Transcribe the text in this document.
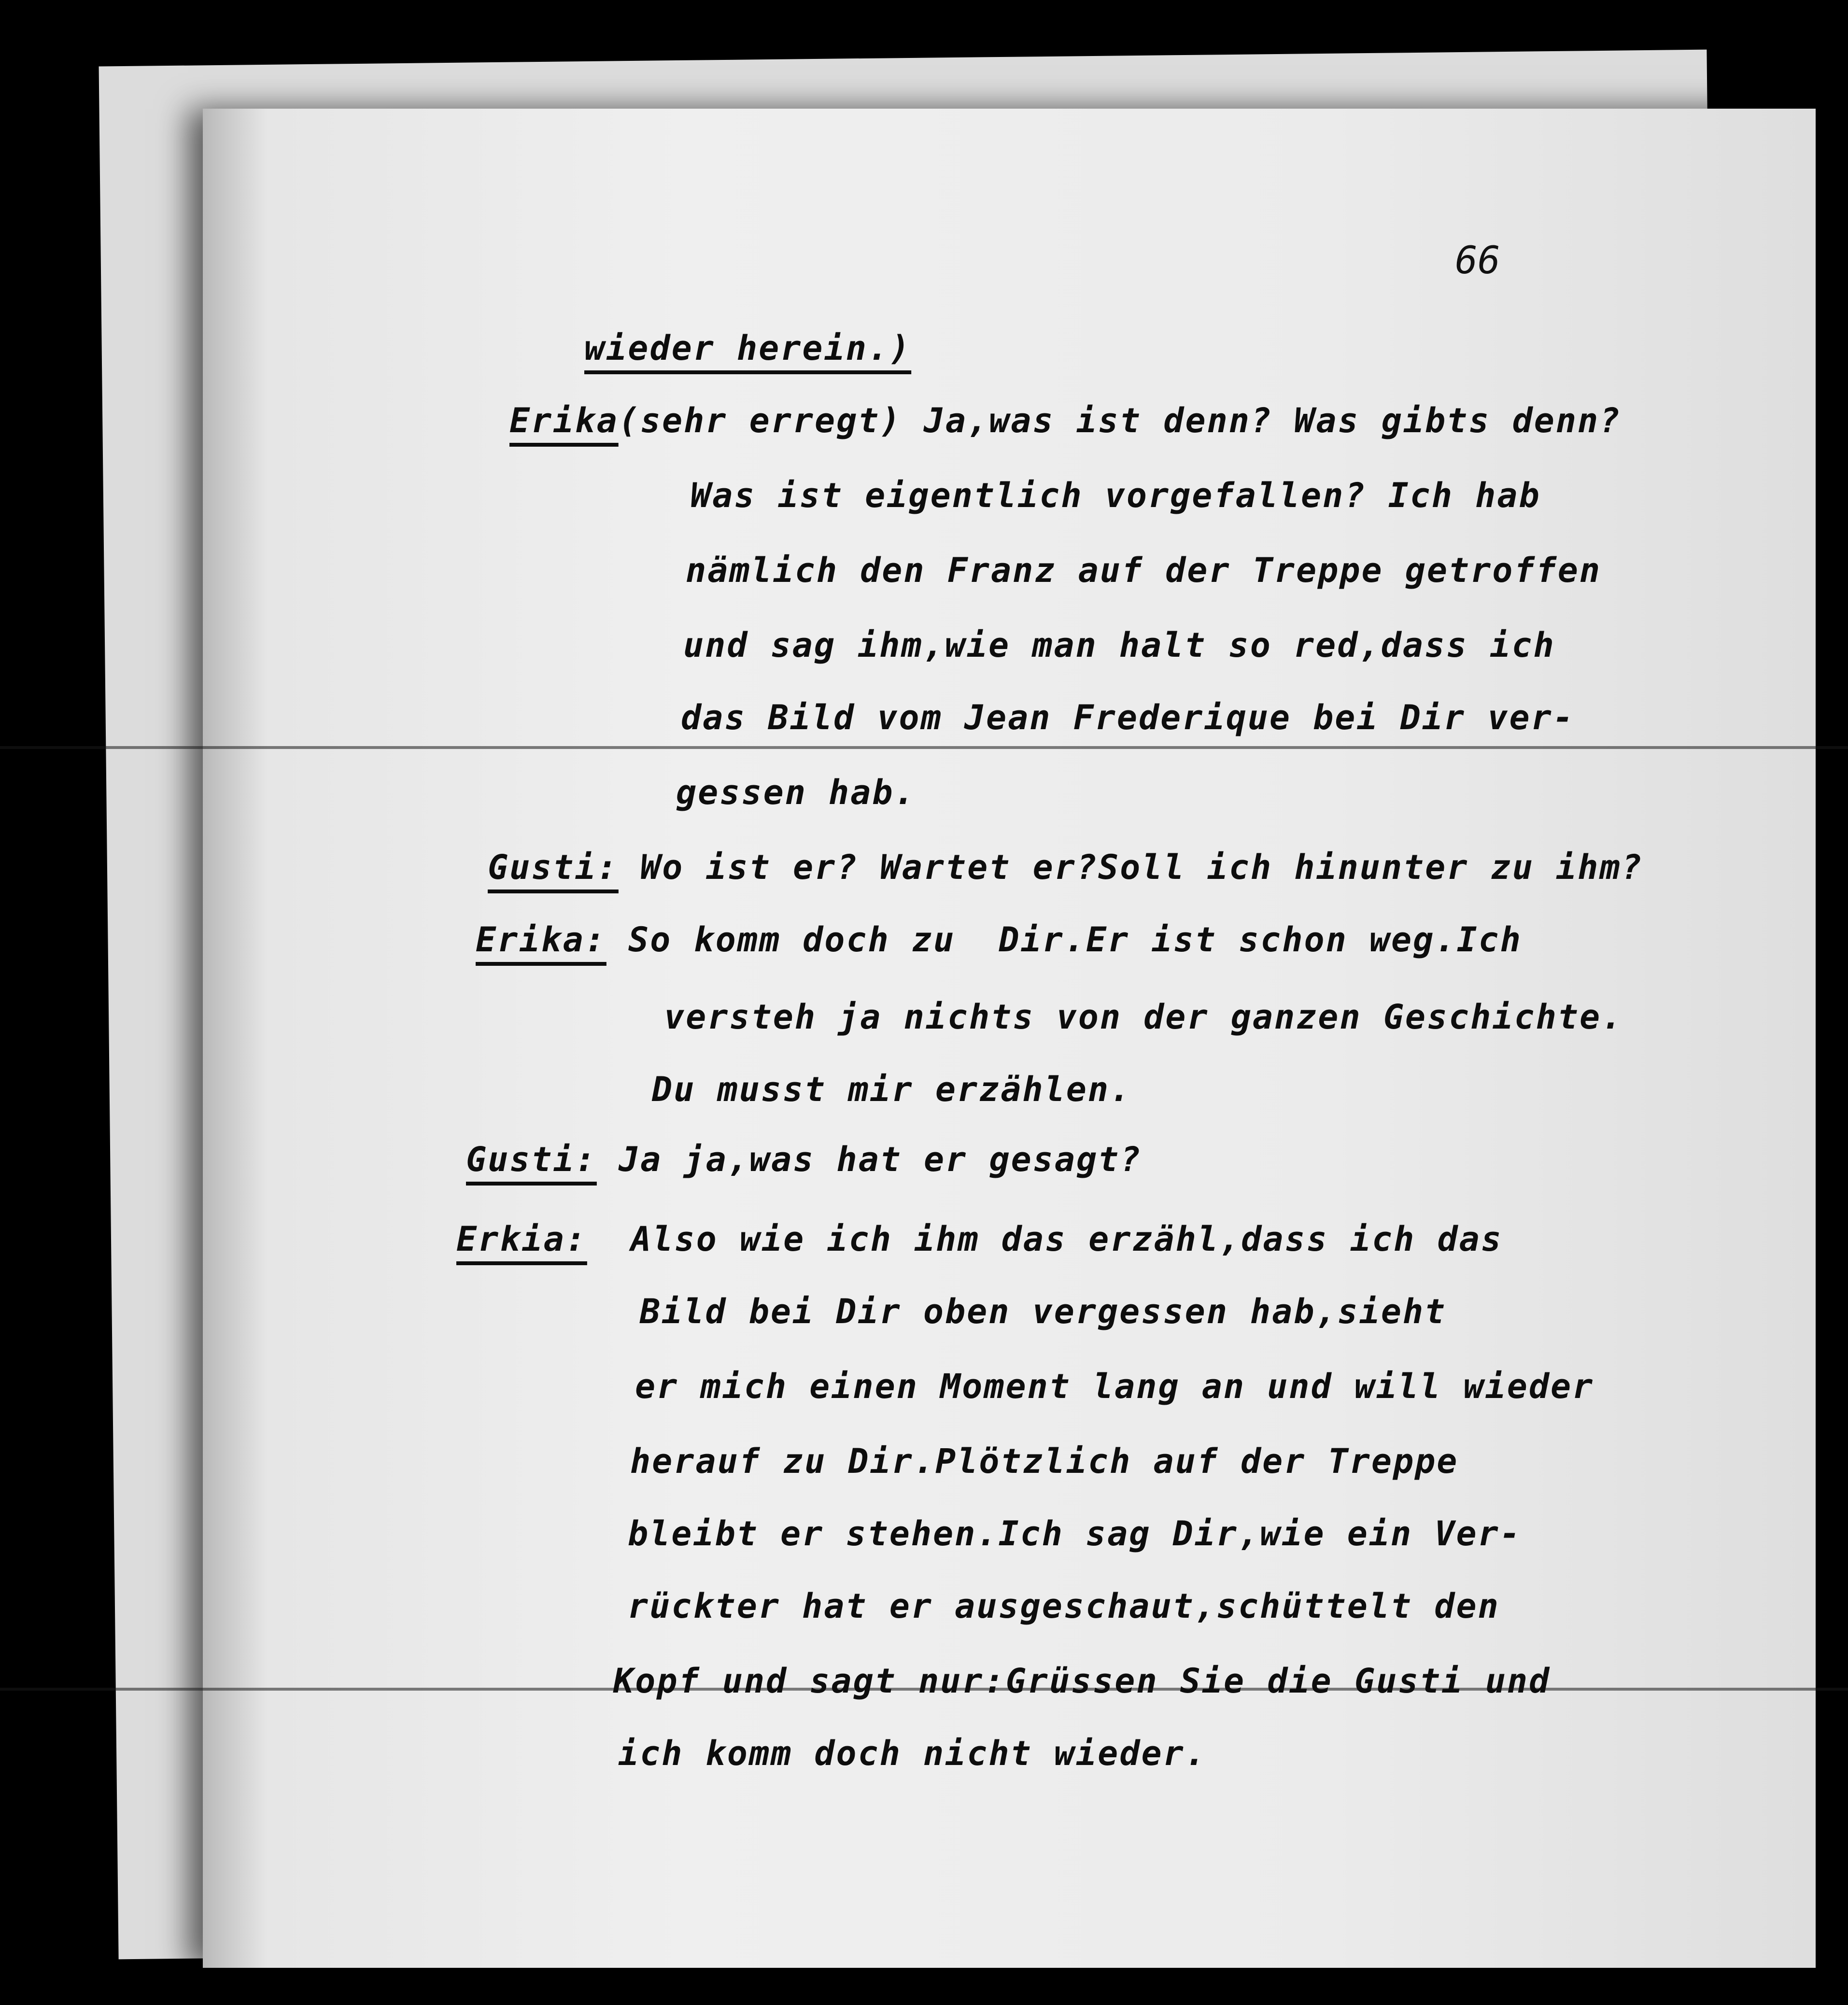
66
wieder herein.)
Erika(sehr erregt) Ja,was ist denn? Was gibts denn?
Was ist eigentlich vorgefallen? Ich hab
nämlich den Franz auf der Treppe getroffen
und sag ihm,wie man halt so red,dass ich
das Bild vom Jean Frederique bei Dir ver-
gessen hab.
Gusti: Wo ist er? Wartet er?Soll ich hinunter zu ihm?
Erika: So komm doch zu  Dir.Er ist schon weg.Ich
versteh ja nichts von der ganzen Geschichte.
Du musst mir erzählen.
Gusti: Ja ja,was hat er gesagt?
Erkia:  Also wie ich ihm das erzähl,dass ich das
Bild bei Dir oben vergessen hab,sieht
er mich einen Moment lang an und will wieder
herauf zu Dir.Plötzlich auf der Treppe
bleibt er stehen.Ich sag Dir,wie ein Ver-
rückter hat er ausgeschaut,schüttelt den
Kopf und sagt nur:Grüssen Sie die Gusti und
ich komm doch nicht wieder.
